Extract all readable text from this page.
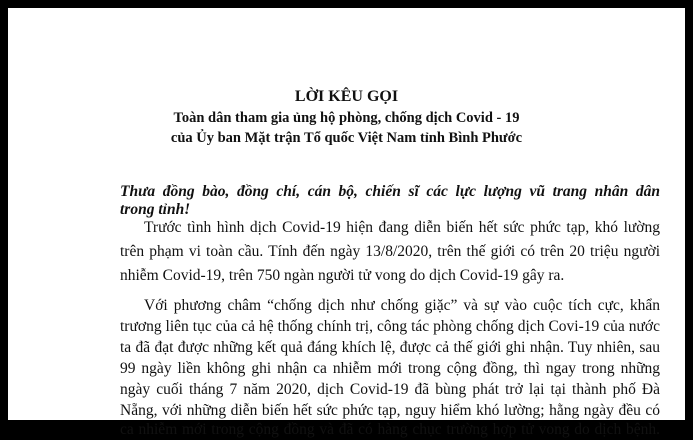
LỜI KÊU GỌI
Toàn dân tham gia ủng hộ phòng, chống dịch Covid - 19
của Ủy ban Mặt trận Tổ quốc Việt Nam tỉnh Bình Phước
Thưa đồng bào, đồng chí, cán bộ, chiến sĩ các lực lượng vũ trang nhân dân
trong tỉnh!
Trước tình hình dịch Covid-19 hiện đang diễn biến hết sức phức tạp, khó lường
trên phạm vi toàn cầu. Tính đến ngày 13/8/2020, trên thế giới có trên 20 triệu người
nhiễm Covid-19, trên 750 ngàn người tử vong do dịch Covid-19 gây ra.
Với phương châm “chống dịch như chống giặc” và sự vào cuộc tích cực, khẩn
trương liên tục của cả hệ thống chính trị, công tác phòng chống dịch Covi-19 của nước
ta đã đạt được những kết quả đáng khích lệ, được cả thế giới ghi nhận. Tuy nhiên, sau
99 ngày liền không ghi nhận ca nhiễm mới trong cộng đồng, thì ngay trong những
ngày cuối tháng 7 năm 2020, dịch Covid-19 đã bùng phát trở lại tại thành phố Đà
Nẵng, với những diễn biến hết sức phức tạp, nguy hiểm khó lường; hằng ngày đều có
ca nhiễm mới trong cộng đồng và đã có hàng chục trường hợp tử vong do dịch bệnh.
